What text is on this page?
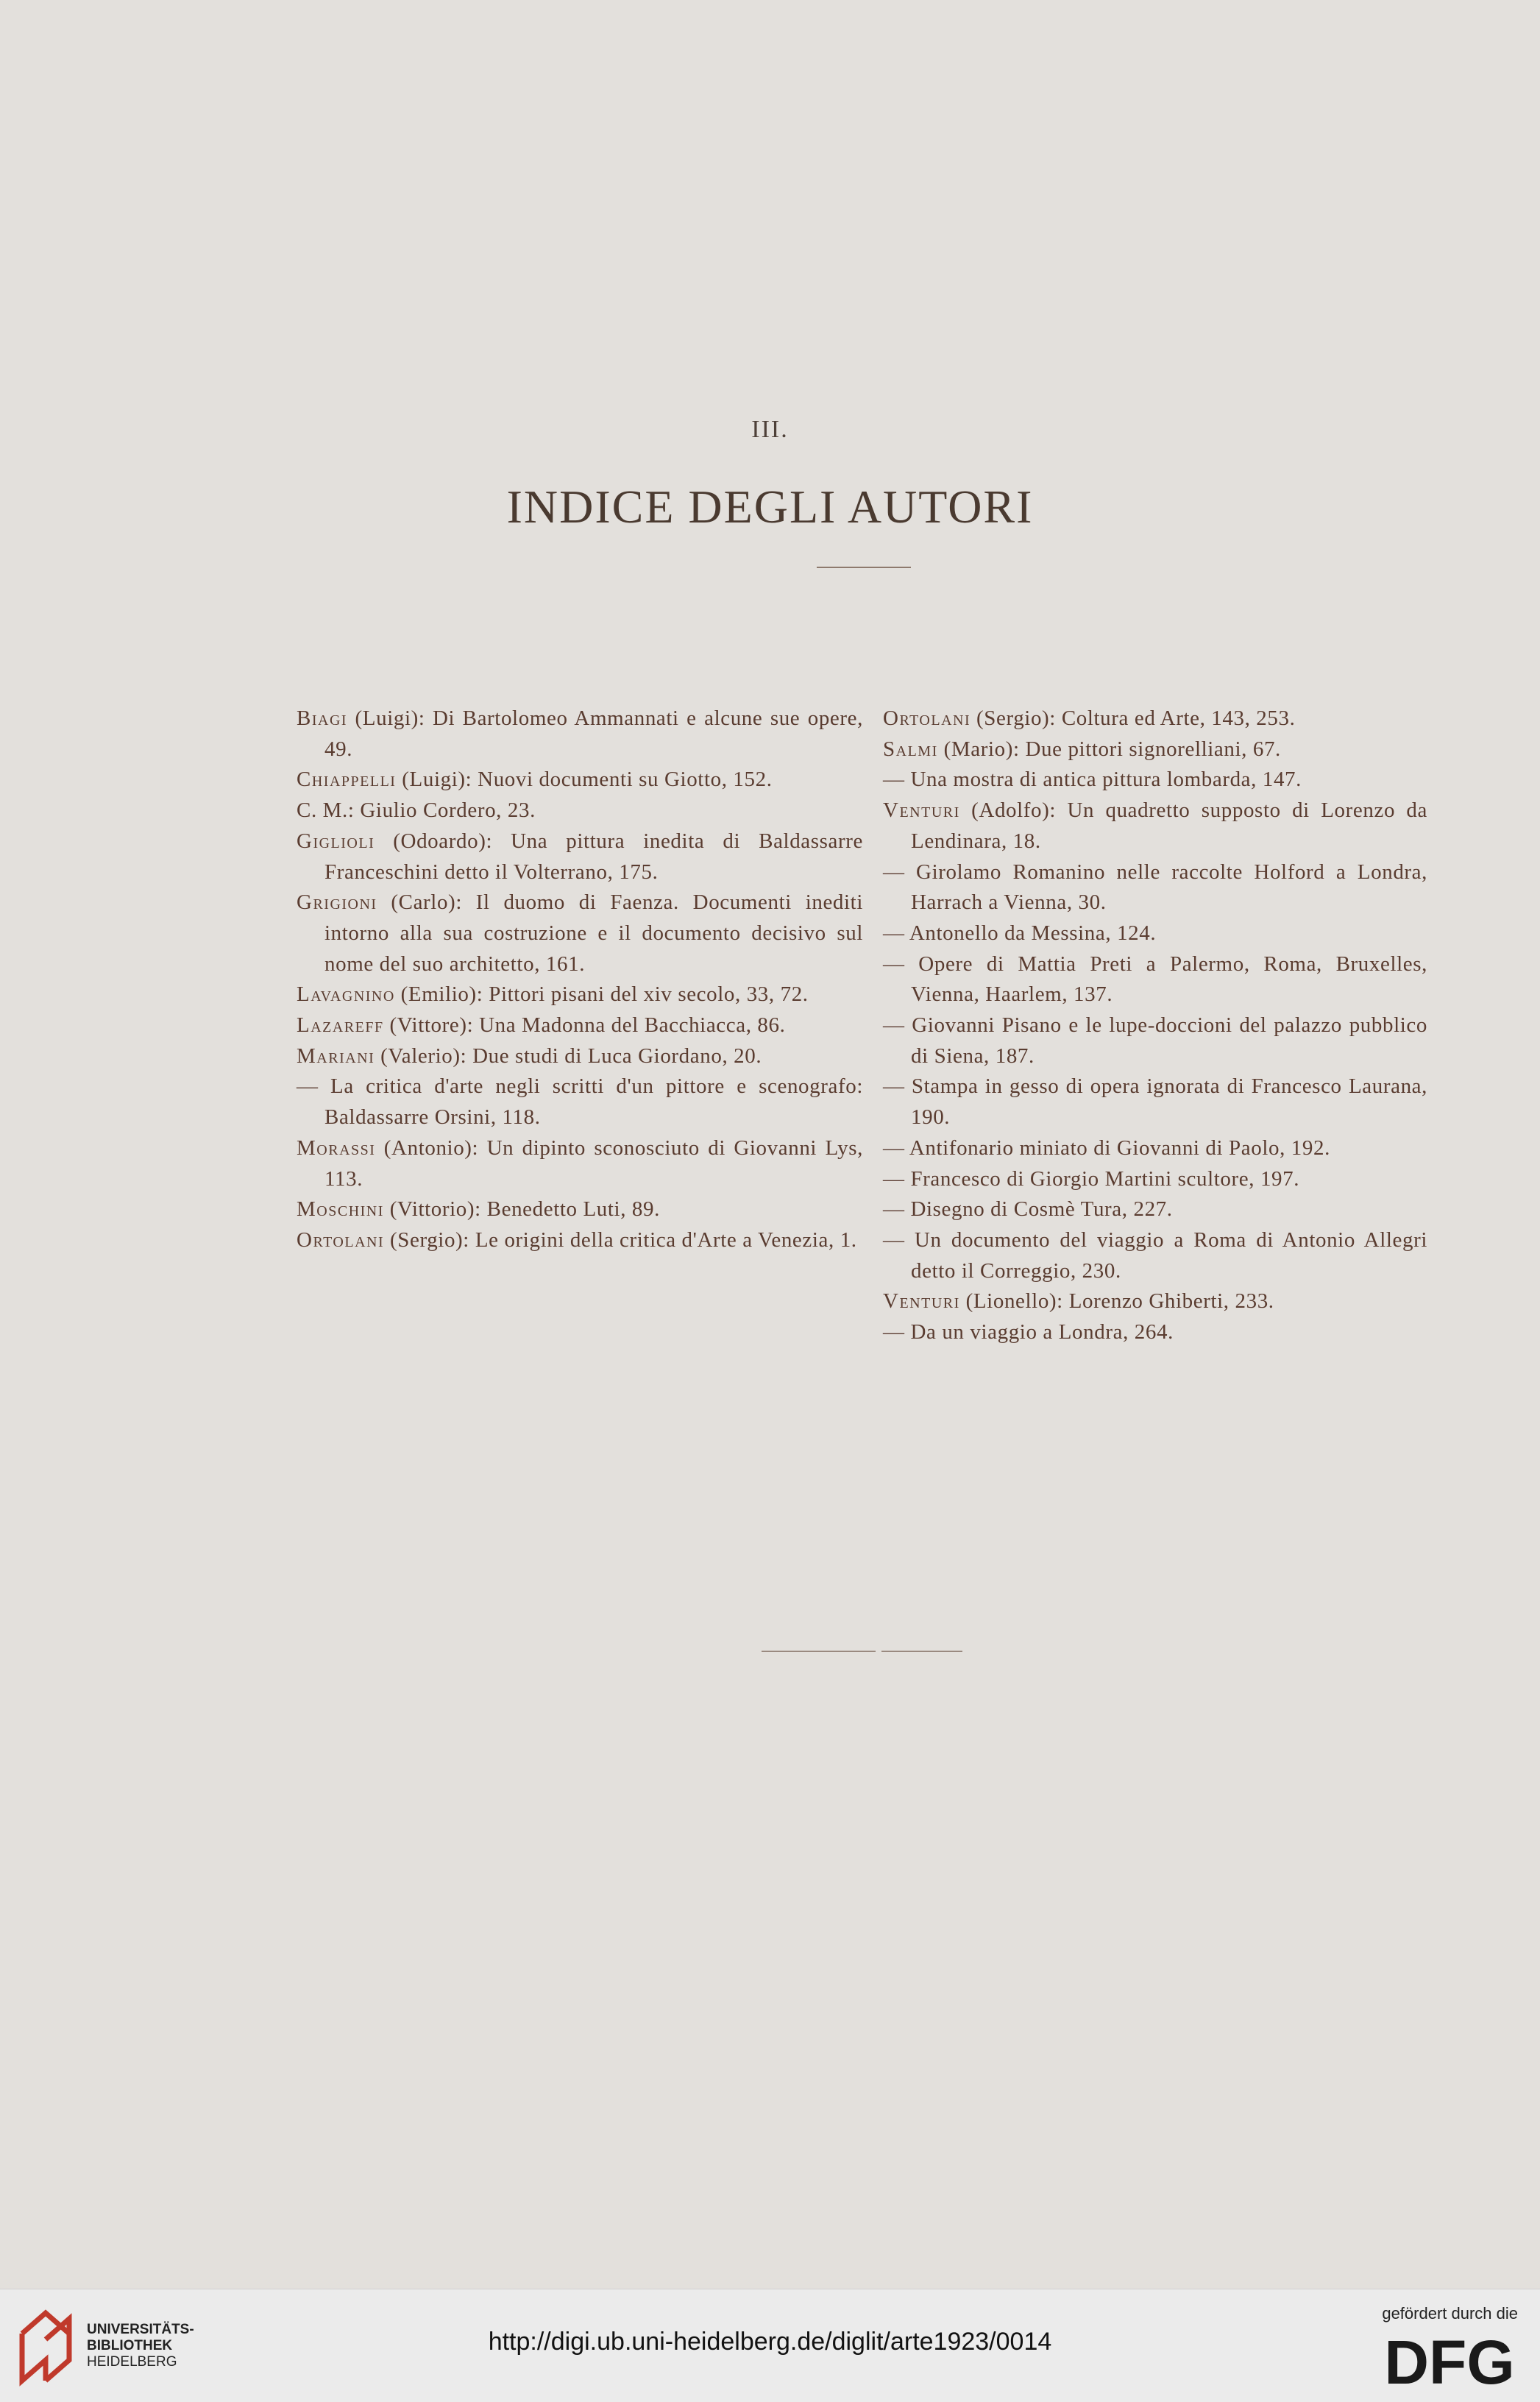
III.
INDICE DEGLI AUTORI

Biagi (Luigi): Di Bartolomeo Ammannati e alcune sue opere, 49.

Chiappelli (Luigi): Nuovi documenti su Giotto, 152.

C. M.: Giulio Cordero, 23.

Giglioli (Odoardo): Una pittura inedita di Baldassarre Franceschini detto il Volterrano, 175.

Grigioni (Carlo): Il duomo di Faenza. Documenti inediti intorno alla sua costruzione e il documento decisivo sul nome del suo architetto, 161.

Lavagnino (Emilio): Pittori pisani del xiv secolo, 33, 72.

Lazareff (Vittore): Una Madonna del Bacchiacca, 86.

Mariani (Valerio): Due studi di Luca Giordano, 20.

— La critica d'arte negli scritti d'un pittore e scenografo: Baldassarre Orsini, 118.

Morassi (Antonio): Un dipinto sconosciuto di Giovanni Lys, 113.

Moschini (Vittorio): Benedetto Luti, 89.

Ortolani (Sergio): Le origini della critica d'Arte a Venezia, 1.

Ortolani (Sergio): Coltura ed Arte, 143, 253.

Salmi (Mario): Due pittori signorelliani, 67.

— Una mostra di antica pittura lombarda, 147.

Venturi (Adolfo): Un quadretto supposto di Lorenzo da Lendinara, 18.

— Girolamo Romanino nelle raccolte Holford a Londra, Harrach a Vienna, 30.

— Antonello da Messina, 124.

— Opere di Mattia Preti a Palermo, Roma, Bruxelles, Vienna, Haarlem, 137.

— Giovanni Pisano e le lupe-doccioni del palazzo pubblico di Siena, 187.

— Stampa in gesso di opera ignorata di Francesco Laurana, 190.

— Antifonario miniato di Giovanni di Paolo, 192.

— Francesco di Giorgio Martini scultore, 197.

— Disegno di Cosmè Tura, 227.

— Un documento del viaggio a Roma di Antonio Allegri detto il Correggio, 230.

Venturi (Lionello): Lorenzo Ghiberti, 233.

— Da un viaggio a Londra, 264.

UNIVERSITÄTS-
BIBLIOTHEK
HEIDELBERG
http://digi.ub.uni-heidelberg.de/diglit/arte1923/0014
gefördert durch die
DFG
